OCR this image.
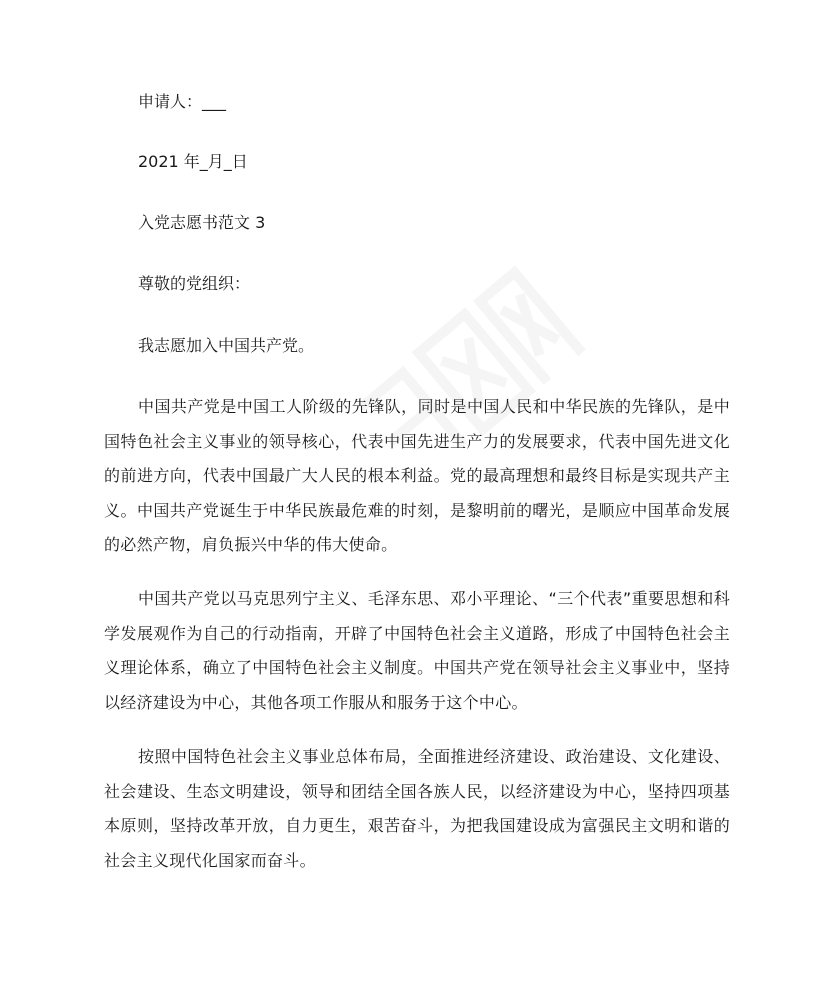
申请人：___
2021 年_月_日
入党志愿书范文 3
尊敬的党组织：
我志愿加入中国共产党。
中国共产党是中国工人阶级的先锋队，同时是中国人民和中华民族的先锋队，是中国特色社会主义事业的领导核心，代表中国先进生产力的发展要求，代表中国先进文化的前进方向，代表中国最广大人民的根本利益。党的最高理想和最终目标是实现共产主义。中国共产党诞生于中华民族最危难的时刻，是黎明前的曙光，是顺应中国革命发展的必然产物，肩负振兴中华的伟大使命。
中国共产党以马克思列宁主义、毛泽东思、邓小平理论、“三个代表”重要思想和科学发展观作为自己的行动指南，开辟了中国特色社会主义道路，形成了中国特色社会主义理论体系，确立了中国特色社会主义制度。中国共产党在领导社会主义事业中，坚持以经济建设为中心，其他各项工作服从和服务于这个中心。
按照中国特色社会主义事业总体布局，全面推进经济建设、政治建设、文化建设、社会建设、生态文明建设，领导和团结全国各族人民，以经济建设为中心，坚持四项基本原则，坚持改革开放，自力更生，艰苦奋斗，为把我国建设成为富强民主文明和谐的社会主义现代化国家而奋斗。
